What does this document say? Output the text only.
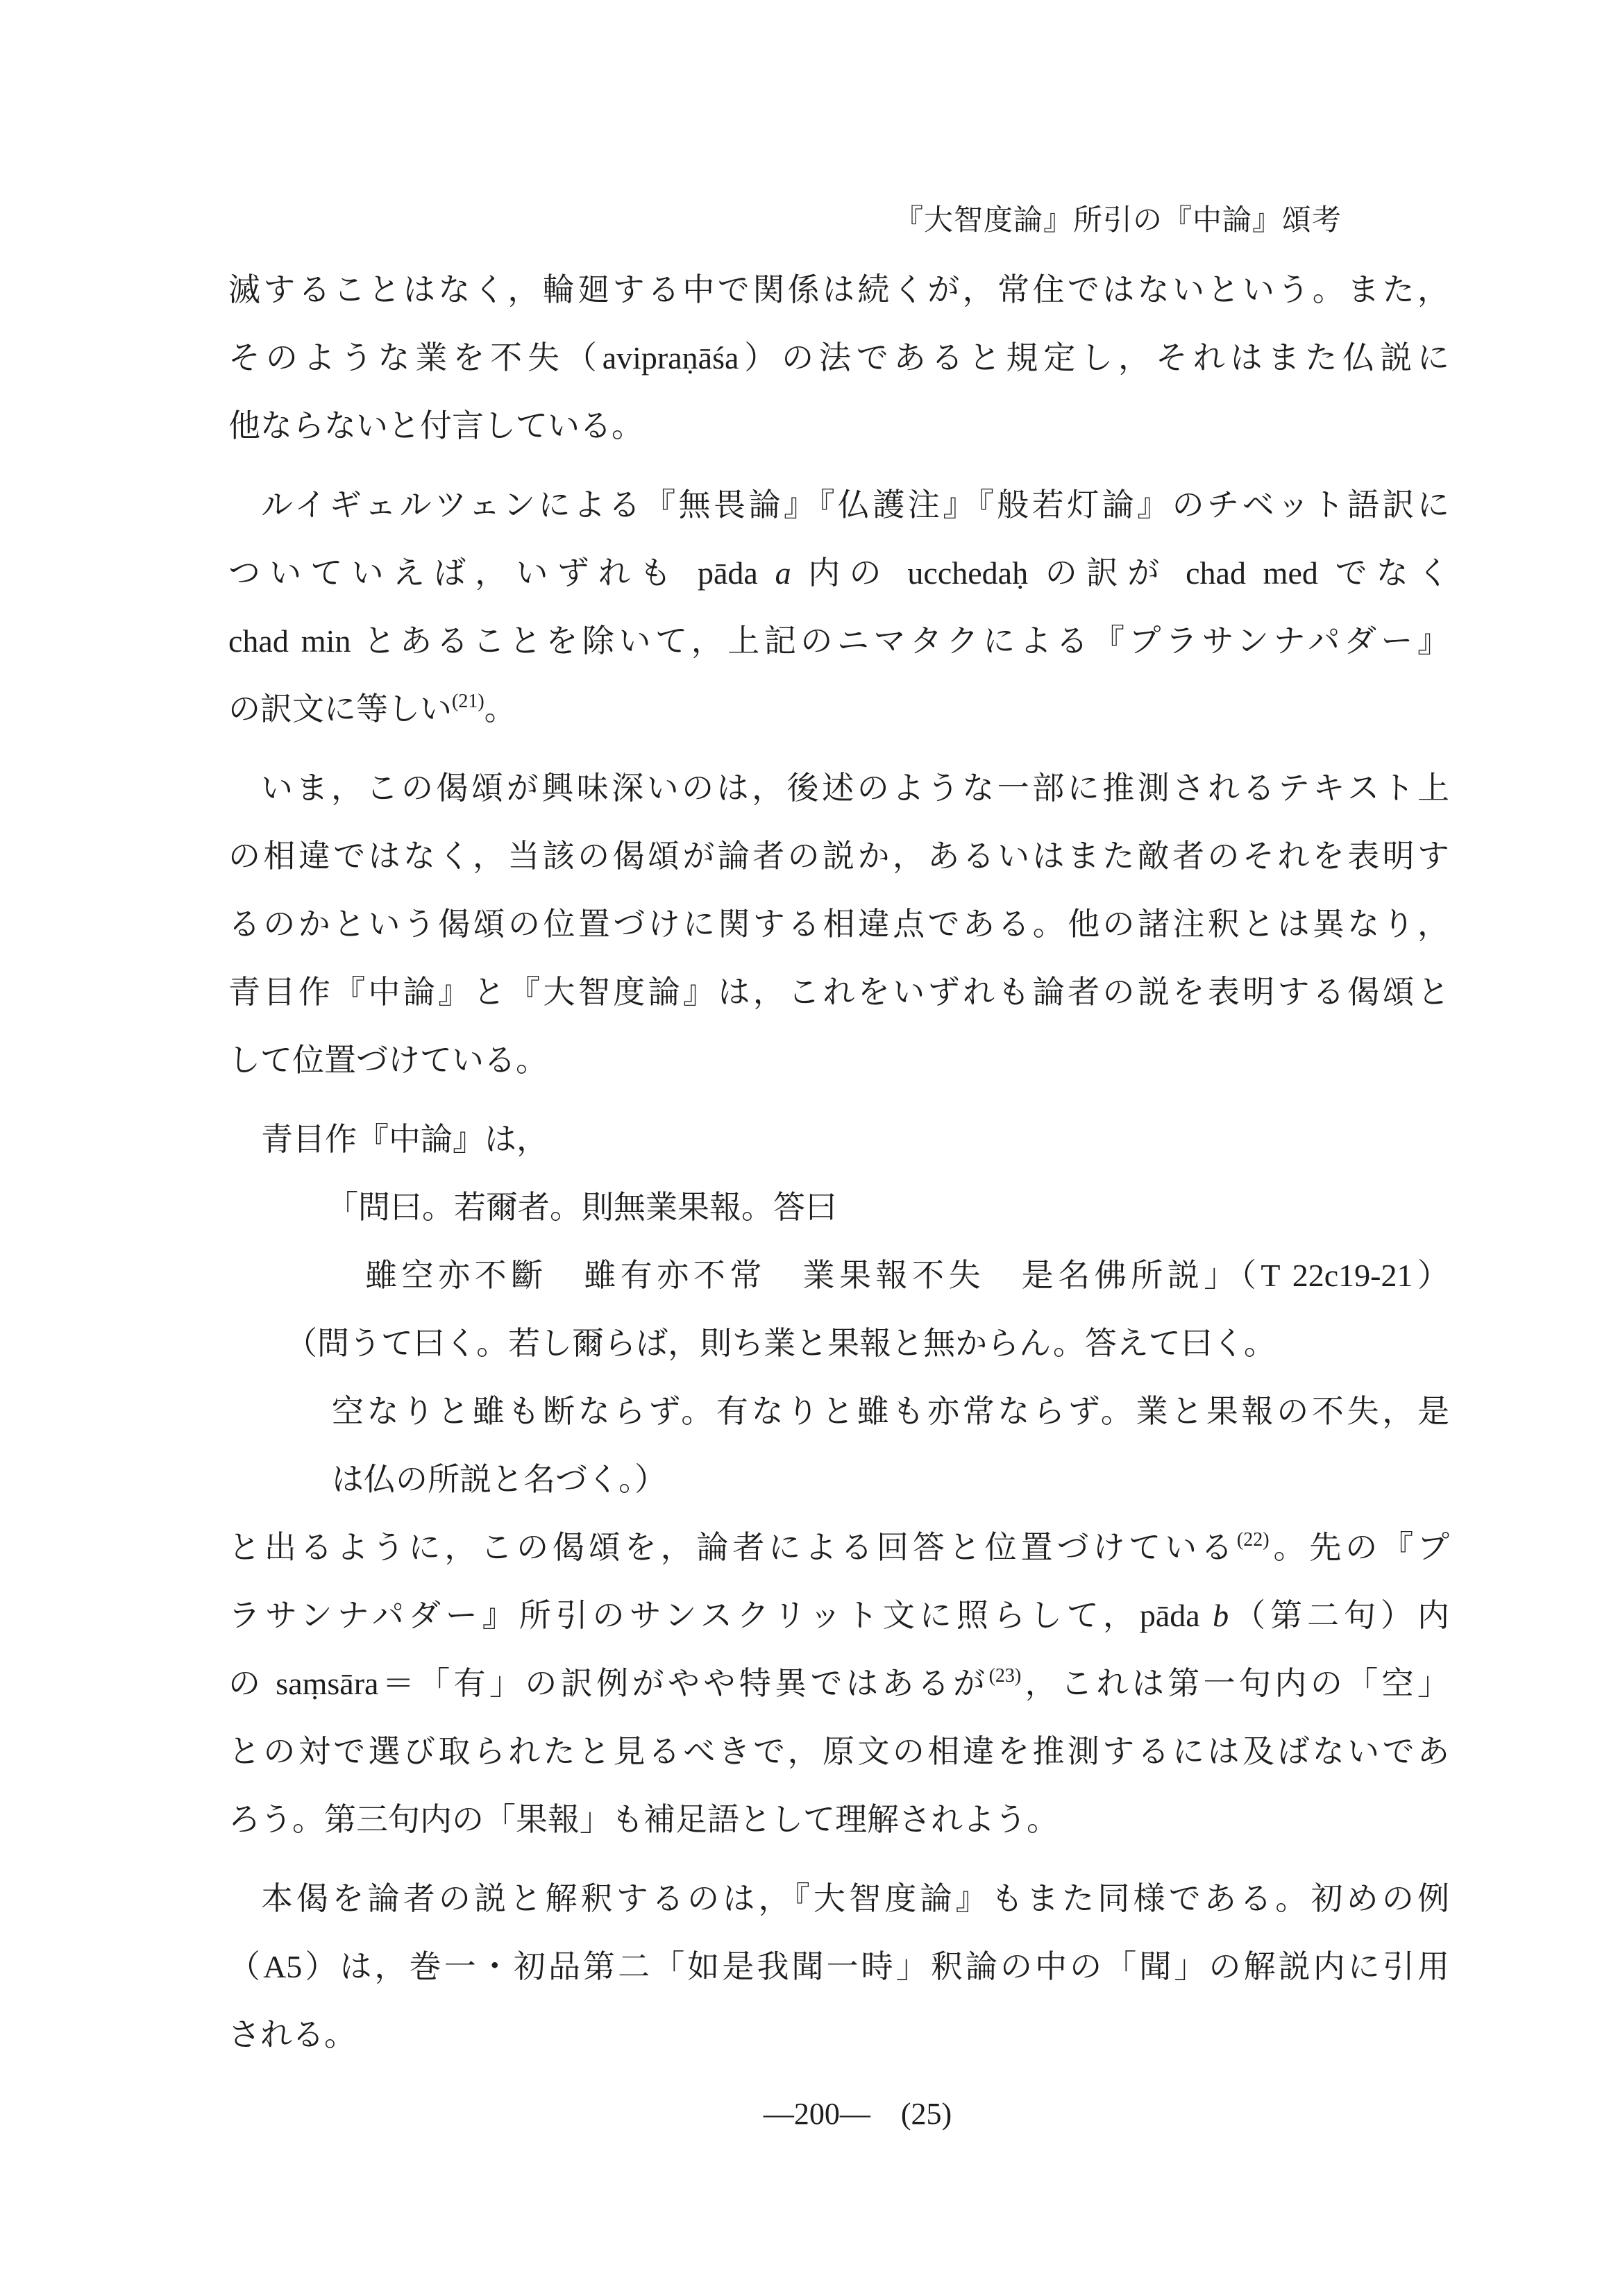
『大智度論』所引の『中論』頌考
滅することはなく，輪廻する中で関係は続くが，常住ではないという。また，
そのような業を不失（avipraṇāśa）の法であると規定し，それはまた仏説に
他ならないと付言している。
ルイギェルツェンによる『無畏論』『仏護注』『般若灯論』のチベット語訳に
ついていえば，いずれも pāda a 内の ucchedaḥ の訳が chad med でなく
chad min とあることを除いて，上記のニマタクによる『プラサンナパダー』
の訳文に等しい$^{(21)}$。
いま，この偈頌が興味深いのは，後述のような一部に推測されるテキスト上
の相違ではなく，当該の偈頌が論者の説か，あるいはまた敵者のそれを表明す
るのかという偈頌の位置づけに関する相違点である。他の諸注釈とは異なり，
青目作『中論』と『大智度論』は，これをいずれも論者の説を表明する偈頌と
して位置づけている。
青目作『中論』は，
「問曰。若爾者。則無業果報。答曰
雖空亦不斷　雖有亦不常　業果報不失　是名佛所説」（T 22c19-21）
（問うて曰く。若し爾らば，則ち業と果報と無からん。答えて曰く。
空なりと雖も断ならず。有なりと雖も亦常ならず。業と果報の不失，是
は仏の所説と名づく。）
と出るように，この偈頌を，論者による回答と位置づけている$^{(22)}$。先の『プ
ラサンナパダー』所引のサンスクリット文に照らして，pāda b（第二句）内
の saṃsāra＝「有」の訳例がやや特異ではあるが$^{(23)}$，これは第一句内の「空」
との対で選び取られたと見るべきで，原文の相違を推測するには及ばないであ
ろう。第三句内の「果報」も補足語として理解されよう。
本偈を論者の説と解釈するのは，『大智度論』もまた同様である。初めの例
（A5）は，巻一・初品第二「如是我聞一時」釈論の中の「聞」の解説内に引用
される。
—200—　(25)
